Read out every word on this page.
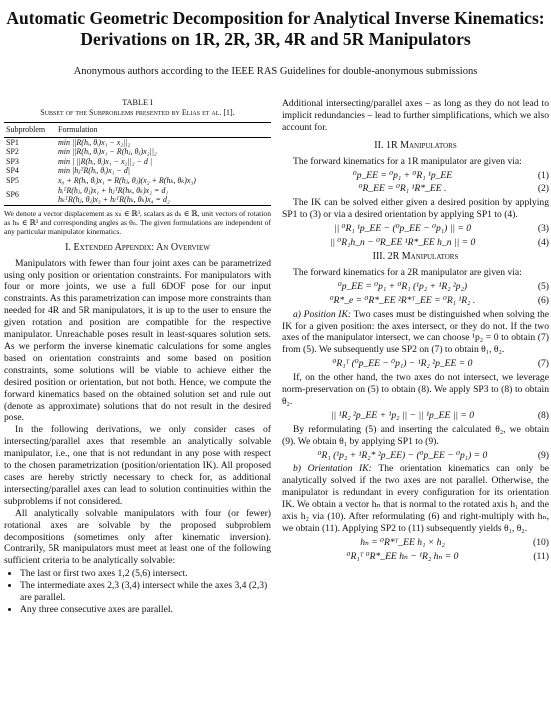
Automatic Geometric Decomposition for Analytical Inverse Kinematics:
Derivations on 1R, 2R, 3R, 4R and 5R Manipulators
Anonymous authors according to the IEEE RAS Guidelines for double-anonymous submissions
TABLE I
Subset of the Subproblems presented by Elias et al. [1].
Subproblem	Formulation
SP1	min ||R(hᵢ, θᵢ)x₁ − x₂||₂
SP2	min ||R(hᵢ, θᵢ)x₁ − R(hⱼ, θⱼ)x₂||₂
SP3	min | ||R(hᵢ, θᵢ)x₁ − x₂||₂ − d |
SP4	min |hⱼᵀR(hᵢ, θᵢ)x₁ − d|
SP5	x₀ + R(hᵢ, θᵢ)x₁ = R(hⱼ, θⱼ)(x₂ + R(hₖ, θₖ)x₃)
SP6	hᵢᵀR(hⱼ, θⱼ)x₁ + hⱼᵀR(hₖ, θₖ)x₂ = d₁
hₖᵀR(hⱼ, θⱼ)x₃ + hₗᵀR(hₖ, θₖ)x₄ = d₂

We denote a vector displacement as xₙ ∈ ℝ³, scalars as dₙ ∈ ℝ, unit vectors of rotation as hₙ ∈ ℝ³ and corresponding angles as θₙ. The given formulations are independent of any particular manipulator kinematics.

I. Extended Appendix: An Overview

Manipulators with fewer than four joint axes can be parametrized using only position or orientation constraints. For manipulators with four or more joints, we use a full 6DOF pose for our input constraints. As this parametrization can impose more constraints than needed for 4R and 5R manipulators, it is up to the user to ensure the given rotation and position are compatible for the respective manipulator. Unreachable poses result in least-squares solution sets. As we perform the inverse kinematic calculations for some angles based on orientation constraints and some based on position constraints, some solutions will be viable to achieve either the desired position or orientation, but not both. Hence, we compute the forward kinematics based on the obtained solution set and rule out (denote as approximate) solutions that do not result in the desired pose.

In the following derivations, we only consider cases of intersecting/parallel axes that resemble an analytically solvable manipulator, i.e., one that is not redundant in any pose with respect to the chosen parametrization (position/orientation IK). All proposed cases are hereby strictly necessary to check for, as additional intersecting/parallel axes can lead to solution continuities within the subproblems if not considered.

All analytically solvable manipulators with four (or fewer) rotational axes are solvable by the proposed subproblem decompositions (sometimes only after kinematic inversion). Contrarily, 5R manipulators must meet at least one of the following sufficient criteria to be analytically solvable:

• The last or first two axes 1,2 (5,6) intersect.
• The intermediate axes 2,3 (3,4) intersect while the axes 3,4 (2,3) are parallel.
• Any three consecutive axes are parallel.

Additional intersecting/parallel axes – as long as they do not lead to implicit redundancies – lead to further simplifications, which we also account for.

II. 1R Manipulators

The forward kinematics for a 1R manipulator are given via:

⁰p_EE = ⁰p₁ + ⁰R₁ ¹p_EE	(1)
⁰R_EE = ⁰R₁ ¹R*_EE .	(2)

The IK can be solved either given a desired position by applying SP1 to (3) or via a desired orientation by applying SP1 to (4).

|| ⁰R₁ ¹p_EE − (⁰p_EE − ⁰p₁) || = 0	(3)
|| ⁰R₁h_n − ⁰R_EE ¹R*_EE h_n || = 0	(4)
III. 2R Manipulators

The forward kinematics for a 2R manipulator are given via:

⁰p_EE = ⁰p₁ + ⁰R₁ (¹p₂ + ¹R₂ ²p₂)	(5)
⁰R*_e = ⁰R*_EE ²R*ᵀ_EE = ⁰R₁ ¹R₂ .	(6)

a) Position IK: Two cases must be distinguished when solving the IK for a given position: the axes intersect, or they do not. If the two axes of the manipulator intersect, we can choose ¹p₂ = 0 to obtain (7) from (5). We subsequently use SP2 on (7) to obtain θ₁, θ₂.

⁰R₁ᵀ (⁰p_EE − ⁰p₁) − ¹R₂ ²p_EE = 0	(7)

If, on the other hand, the two axes do not intersect, we leverage norm-preservation on (5) to obtain (8). We apply SP3 to (8) to obtain θ₂.

|| ¹R₂ ²p_EE + ¹p₂ || − || ¹p_EE || = 0	(8)

By reformulating (5) and inserting the calculated θ₂, we obtain (9). We obtain θ₁ by applying SP1 to (9).

⁰R₁ (¹p₂ + ¹R₂* ²p_EE) − (⁰p_EE − ⁰p₁) = 0	(9)

b) Orientation IK: The orientation kinematics can only be analytically solved if the two axes are not parallel. Otherwise, the manipulator is redundant in every configuration for its orientation IK. We obtain a vector hₙ that is normal to the rotated axis h₁ and the axis h₂ via (10). After reformulating (6) and right-multiply with hₙ, we obtain (11). Applying SP2 to (11) subsequently yields θ₁, θ₂.

hₙ = ⁰R*ᵀ_EE h₁ × h₂	(10)
⁰R₁ᵀ ⁰R*_EE hₙ − ¹R₂ hₙ = 0	(11)
